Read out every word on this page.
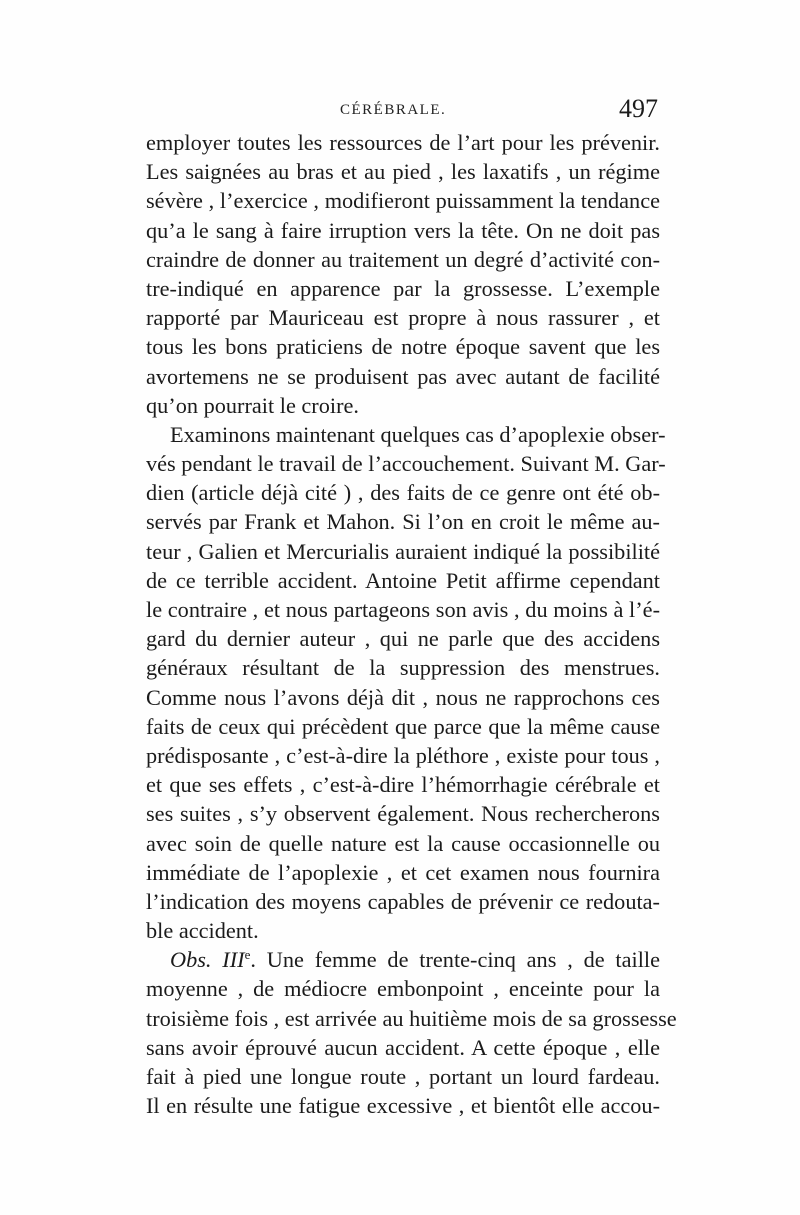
CÉRÉBRALE.	497
employer toutes les ressources de l’art pour les prévenir.
Les saignées au bras et au pied , les laxatifs , un régime
sévère , l’exercice , modifieront puissamment la tendance
qu’a le sang à faire irruption vers la tête. On ne doit pas
craindre de donner au traitement un degré d’activité con-
tre-indiqué en apparence par la grossesse. L’exemple
rapporté par Mauriceau est propre à nous rassurer , et
tous les bons praticiens de notre époque savent que les
avortemens ne se produisent pas avec autant de facilité
qu’on pourrait le croire.
Examinons maintenant quelques cas d’apoplexie obser-
vés pendant le travail de l’accouchement. Suivant M. Gar-
dien (article déjà cité ) , des faits de ce genre ont été ob-
servés par Frank et Mahon. Si l’on en croit le même au-
teur , Galien et Mercurialis auraient indiqué la possibilité
de ce terrible accident. Antoine Petit affirme cependant
le contraire , et nous partageons son avis , du moins à l’é-
gard du dernier auteur , qui ne parle que des accidens
généraux résultant de la suppression des menstrues.
Comme nous l’avons déjà dit , nous ne rapprochons ces
faits de ceux qui précèdent que parce que la même cause
prédisposante , c’est-à-dire la pléthore , existe pour tous ,
et que ses effets , c’est-à-dire l’hémorrhagie cérébrale et
ses suites , s’y observent également. Nous rechercherons
avec soin de quelle nature est la cause occasionnelle ou
immédiate de l’apoplexie , et cet examen nous fournira
l’indication des moyens capables de prévenir ce redouta-
ble accident.
Obs. IIIe. Une femme de trente-cinq ans , de taille
moyenne , de médiocre embonpoint , enceinte pour la
troisième fois , est arrivée au huitième mois de sa grossesse
sans avoir éprouvé aucun accident. A cette époque , elle
fait à pied une longue route , portant un lourd fardeau.
Il en résulte une fatigue excessive , et bientôt elle accou-
